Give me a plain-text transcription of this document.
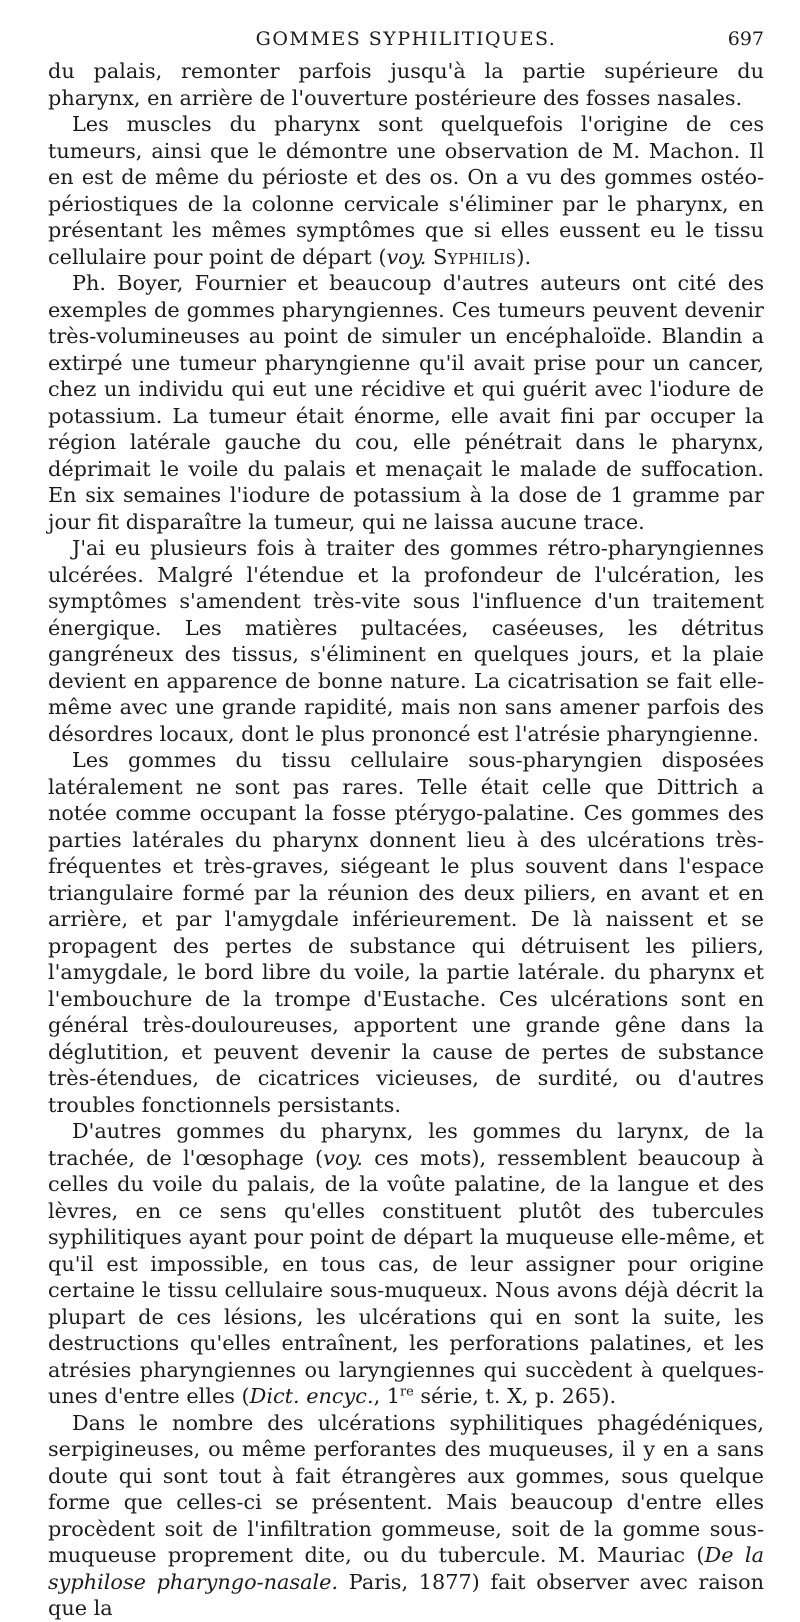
GOMMES SYPHILITIQUES.	697

du palais, remonter parfois jusqu'à la partie supérieure du pharynx, en arrière de l'ouverture postérieure des fosses nasales.

Les muscles du pharynx sont quelquefois l'origine de ces tumeurs, ainsi que le démontre une observation de M. Machon. Il en est de même du périoste et des os. On a vu des gommes ostéo-périostiques de la colonne cervicale s'éliminer par le pharynx, en présentant les mêmes symptômes que si elles eussent eu le tissu cellulaire pour point de départ (voy. Syphilis).

Ph. Boyer, Fournier et beaucoup d'autres auteurs ont cité des exemples de gommes pharyngiennes. Ces tumeurs peuvent devenir très-volumineuses au point de simuler un encéphaloïde. Blandin a extirpé une tumeur pharyngienne qu'il avait prise pour un cancer, chez un individu qui eut une récidive et qui guérit avec l'iodure de potassium. La tumeur était énorme, elle avait fini par occuper la région latérale gauche du cou, elle pénétrait dans le pharynx, déprimait le voile du palais et menaçait le malade de suffocation. En six semaines l'iodure de potassium à la dose de 1 gramme par jour fit disparaître la tumeur, qui ne laissa aucune trace.

J'ai eu plusieurs fois à traiter des gommes rétro-pharyngiennes ulcérées. Malgré l'étendue et la profondeur de l'ulcération, les symptômes s'amendent très-vite sous l'influence d'un traitement énergique. Les matières pultacées, caséeuses, les détritus gangréneux des tissus, s'éliminent en quelques jours, et la plaie devient en apparence de bonne nature. La cicatrisation se fait elle-même avec une grande rapidité, mais non sans amener parfois des désordres locaux, dont le plus prononcé est l'atrésie pharyngienne.

Les gommes du tissu cellulaire sous-pharyngien disposées latéralement ne sont pas rares. Telle était celle que Dittrich a notée comme occupant la fosse ptérygo-palatine. Ces gommes des parties latérales du pharynx donnent lieu à des ulcérations très-fréquentes et très-graves, siégeant le plus souvent dans l'espace triangulaire formé par la réunion des deux piliers, en avant et en arrière, et par l'amygdale inférieurement. De là naissent et se propagent des pertes de substance qui détruisent les piliers, l'amygdale, le bord libre du voile, la partie latérale. du pharynx et l'embouchure de la trompe d'Eustache. Ces ulcérations sont en général très-douloureuses, apportent une grande gêne dans la déglutition, et peuvent devenir la cause de pertes de substance très-étendues, de cicatrices vicieuses, de surdité, ou d'autres troubles fonctionnels persistants.

D'autres gommes du pharynx, les gommes du larynx, de la trachée, de l'œsophage (voy. ces mots), ressemblent beaucoup à celles du voile du palais, de la voûte palatine, de la langue et des lèvres, en ce sens qu'elles constituent plutôt des tubercules syphilitiques ayant pour point de départ la muqueuse elle-même, et qu'il est impossible, en tous cas, de leur assigner pour origine certaine le tissu cellulaire sous-muqueux. Nous avons déjà décrit la plupart de ces lésions, les ulcérations qui en sont la suite, les destructions qu'elles entraînent, les perforations palatines, et les atrésies pharyngiennes ou laryngiennes qui succèdent à quelques-unes d'entre elles (Dict. encyc., 1re série, t. X, p. 265).

Dans le nombre des ulcérations syphilitiques phagédéniques, serpigineuses, ou même perforantes des muqueuses, il y en a sans doute qui sont tout à fait étrangères aux gommes, sous quelque forme que celles-ci se présentent. Mais beaucoup d'entre elles procèdent soit de l'infiltration gommeuse, soit de la gomme sous-muqueuse proprement dite, ou du tubercule. M. Mauriac (De la syphilose pharyngo-nasale. Paris, 1877) fait observer avec raison que la
